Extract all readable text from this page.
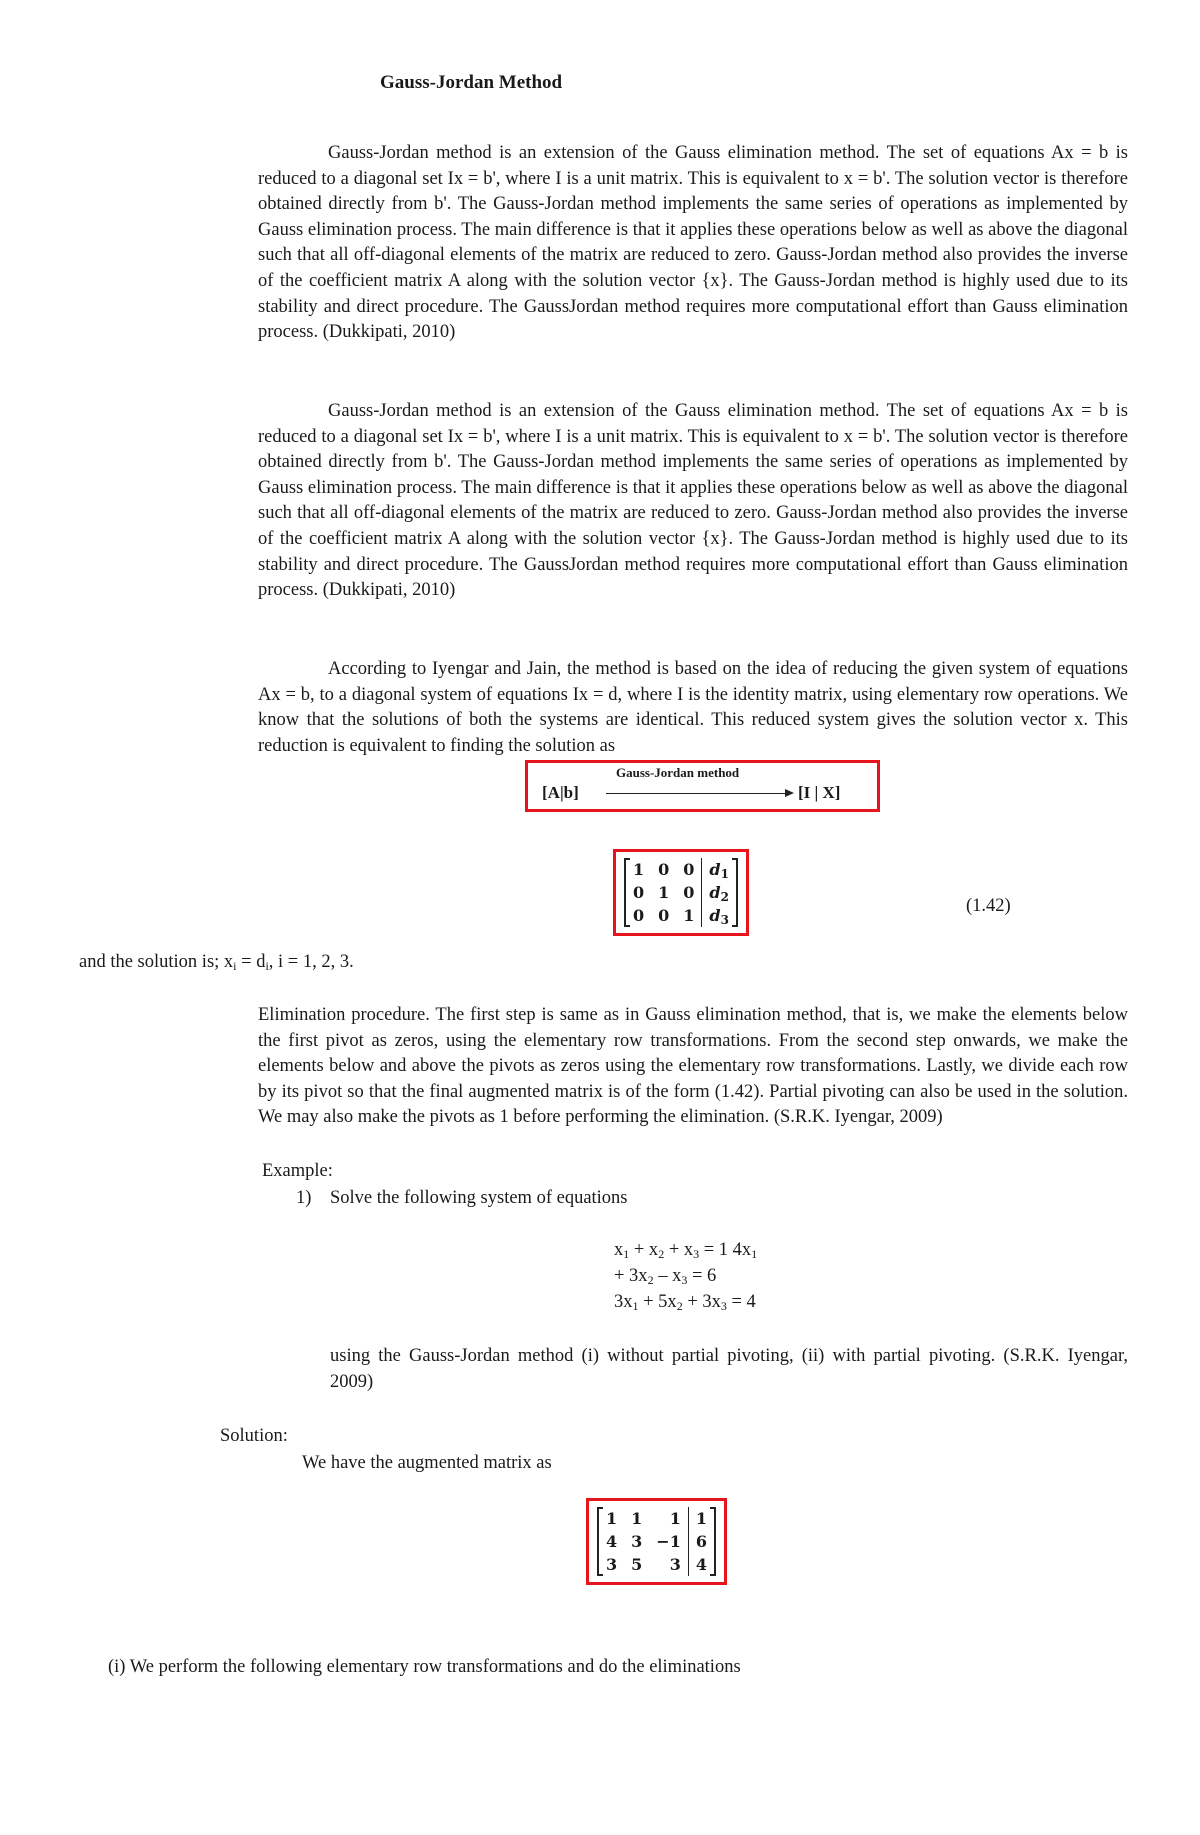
Gauss-Jordan Method

Gauss-Jordan method is an extension of the Gauss elimination method. The set of equations Ax = b is reduced to a diagonal set Ix = b', where I is a unit matrix. This is equivalent to x = b'. The solution vector is therefore obtained directly from b'. The Gauss-Jordan method implements the same series of operations as implemented by Gauss elimination process. The main difference is that it applies these operations below as well as above the diagonal such that all off-diagonal elements of the matrix are reduced to zero. Gauss-Jordan method also provides the inverse of the coefficient matrix A along with the solution vector {x}. The Gauss-Jordan method is highly used due to its stability and direct procedure. The GaussJordan method requires more computational effort than Gauss elimination process. (Dukkipati, 2010)

Gauss-Jordan method is an extension of the Gauss elimination method. The set of equations Ax = b is reduced to a diagonal set Ix = b', where I is a unit matrix. This is equivalent to x = b'. The solution vector is therefore obtained directly from b'. The Gauss-Jordan method implements the same series of operations as implemented by Gauss elimination process. The main difference is that it applies these operations below as well as above the diagonal such that all off-diagonal elements of the matrix are reduced to zero. Gauss-Jordan method also provides the inverse of the coefficient matrix A along with the solution vector {x}. The Gauss-Jordan method is highly used due to its stability and direct procedure. The GaussJordan method requires more computational effort than Gauss elimination process. (Dukkipati, 2010)

According to Iyengar and Jain, the method is based on the idea of reducing the given system of equations Ax = b, to a diagonal system of equations Ix = d, where I is the identity matrix, using elementary row operations. We know that the solutions of both the systems are identical. This reduced system gives the solution vector x. This reduction is equivalent to finding the solution as

Gauss-Jordan method
[A|b]	[I | X]
1	0	0	$d_1$
0	1	0	$d_2$
0	0	1	$d_3$
(1.42)
and the solution is; $x_i = d_i$, i = 1, 2, 3.

Elimination procedure. The first step is same as in Gauss elimination method, that is, we make the elements below the first pivot as zeros, using the elementary row transformations. From the second step onwards, we make the elements below and above the pivots as zeros using the elementary row transformations. Lastly, we divide each row by its pivot so that the final augmented matrix is of the form (1.42). Partial pivoting can also be used in the solution. We may also make the pivots as 1 before performing the elimination. (S.R.K. Iyengar, 2009)

Example:
1) Solve the following system of equations
$x_1 + x_2 + x_3 = 1$ $4x_1$
+ $3x_2 - x_3 = 6$
$3x_1 + 5x_2 + 3x_3 = 4$

using the Gauss-Jordan method (i) without partial pivoting, (ii) with partial pivoting. (S.R.K. Iyengar, 2009)

Solution:
We have the augmented matrix as
1	1	1	1
4	3	−1	6
3	5	3	4
(i) We perform the following elementary row transformations and do the eliminations
